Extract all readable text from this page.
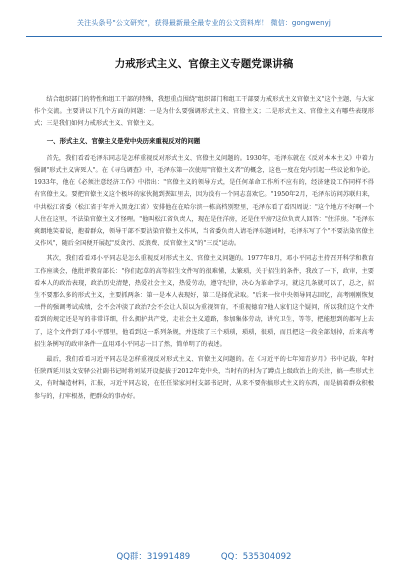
关注头条号"公文研究"，获得最新最全最专业的公文资料库！ 微信：gongwenyj
力戒形式主义、官僚主义专题党课讲稿

结合组织部门的特性和组工干部的特殊，我想重点围绕"组织部门和组工干部要力戒形式主义官僚主义"这个主题，与大家作个交流。主要讲以下几个方面的问题：一是为什么要强调形式主义、官僚主义；二是形式主义、官僚主义有哪些表现形式；三是我们如何力戒形式主义、官僚主义。

一、形式主义、官僚主义是党中央历来重视反对的问题

首先，我们看看毛泽东同志是怎样重视反对形式主义、官僚主义问题的。1930年，毛泽东就在《反对本本主义》中着力强调"形式主义害死人"。在《寻乌调查》中，毛泽东第一次使用"官僚主义者"的概念，这也一度在党内引起一些议论和争论。1933年，他在《必须注意经济工作》中指出："官僚主义的领导方式，是任何革命工作所不应有的，经济建设工作同样不得有官僚主义。要把官僚主义这个极坏的家伙抛到粪缸里去，因为没有一个同志喜欢它。"1950年2月，毛泽东访问苏联归来，中共松江省委（松江省于年并入黑龙江省）安排他在在哈尔滨一栋高档别墅里，毛泽东看了看四周说："这个地方不好啊一个人住在这里，不法染官僚主义才怪哩。"他叫松江省负责人，现在是住洋房，还是住平房?这位负责人回答："住洋房。"毛泽东爽朗地笑着说，抱着群众，领导干部不要沾染官僚主义作风，当省委负责人请毛泽东题词时，毛泽东写了个"不要沾染官僚主义作风"，随后全国便开展起"反贪污、反浪费、反官僚主义"的"三反"运动。

其次，我们看看邓小平同志是怎么重视反对形式主义、官僚主义问题的。1977年8月，邓小平同志主持召开科学和教育工作座谈会，他批评教育部长："你们起草的高等招生文件写的很难懂，太繁琐，关于招生的条件，我改了一下，政审，主要看本人的政治表现，政治历史清楚，热爱社会主义，热爱劳动，遵守纪律，决心为革命学习，就这几条就可以了，总之，招生不要那么多的形式主义，主要抓两条：第一是本人表现好，第二是择优录取。"后来一位中央领导同志回忆，高考刚刚恢复一件的强调考试成绩，会不会冲淡了政治?会不会让人误以为重视智育，不重视德育?他人家们这个疑问，所以我们这个文件看到的规定还是写的非常详细，什么拥护共产党，走社会主义道路，参加集体劳动，讲究卫生，等等，把能想到的都写上去了，这个文件到了邓小平那里，他看到这一系列条规，并连续了三个琐琐，琐琐，很琐，而且把这一段全部划掉，后来高考招生条例写的政审条件一直用邓小平同志一目了然，简单明了的表述。

最后，我们看看习近平同志是怎样重视反对形式主义、官僚主义问题的。在《习近平的七年知青岁月》书中记载，年时任陕西延川县文安驿公社副书记时将刘某开设提拔于2012年党中央，当时有的村为了蹲点上级政治上的关注，搞一些形式主义，有时编造材料，汇报，习近平同志说，在任任梁家河村支部书记时，从来不要你搞形式主义的东西，而是搞着群众积极参与的，打牢根基，把群众的事办好。

QQ群：31991489	QQ：535304092
